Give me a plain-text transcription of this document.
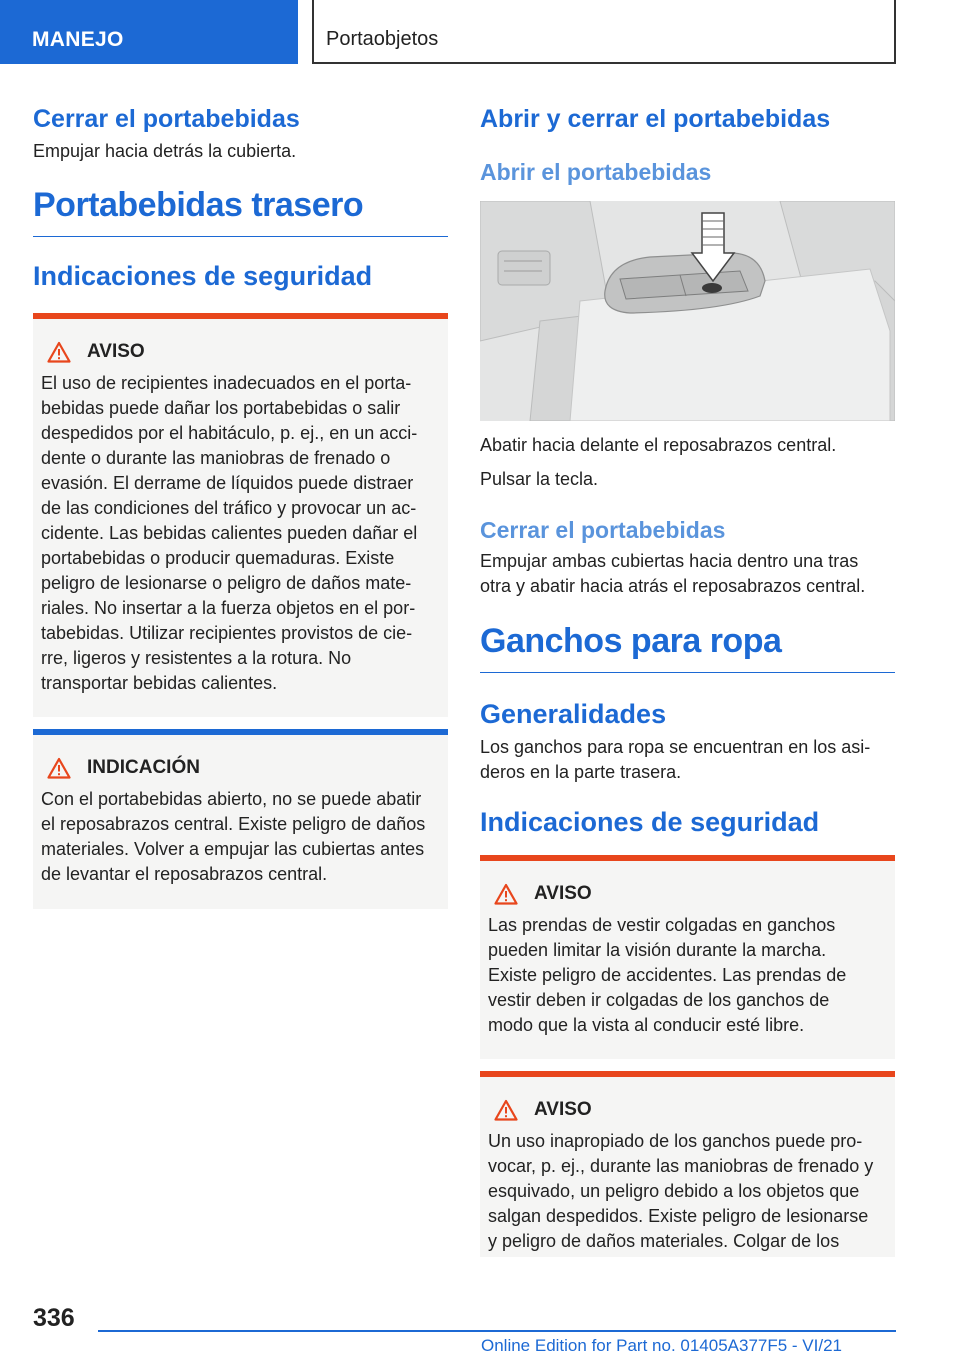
MANEJO	Portaobjetos
Cerrar el portabebidas
Empujar hacia detrás la cubierta.
Portabebidas trasero
Indicaciones de seguridad
AVISO
El uso de recipientes inadecuados en el porta-
bebidas puede dañar los portabebidas o salir
despedidos por el habitáculo, p. ej., en un acci-
dente o durante las maniobras de frenado o
evasión. El derrame de líquidos puede distraer
de las condiciones del tráfico y provocar un ac-
cidente. Las bebidas calientes pueden dañar el
portabebidas o producir quemaduras. Existe
peligro de lesionarse o peligro de daños mate-
riales. No insertar a la fuerza objetos en el por-
tabebidas. Utilizar recipientes provistos de cie-
rre, ligeros y resistentes a la rotura. No
transportar bebidas calientes.
INDICACIÓN
Con el portabebidas abierto, no se puede abatir
el reposabrazos central. Existe peligro de daños
materiales. Volver a empujar las cubiertas antes
de levantar el reposabrazos central.
Abrir y cerrar el portabebidas
Abrir el portabebidas
Abatir hacia delante el reposabrazos central.
Pulsar la tecla.
Cerrar el portabebidas
Empujar ambas cubiertas hacia dentro una tras
otra y abatir hacia atrás el reposabrazos central.
Ganchos para ropa
Generalidades
Los ganchos para ropa se encuentran en los asi-
deros en la parte trasera.
Indicaciones de seguridad
AVISO
Las prendas de vestir colgadas en ganchos
pueden limitar la visión durante la marcha.
Existe peligro de accidentes. Las prendas de
vestir deben ir colgadas de los ganchos de
modo que la vista al conducir esté libre.
AVISO
Un uso inapropiado de los ganchos puede pro-
vocar, p. ej., durante las maniobras de frenado y
esquivado, un peligro debido a los objetos que
salgan despedidos. Existe peligro de lesionarse
y peligro de daños materiales. Colgar de los
336
Online Edition for Part no. 01405A377F5 - VI/21
